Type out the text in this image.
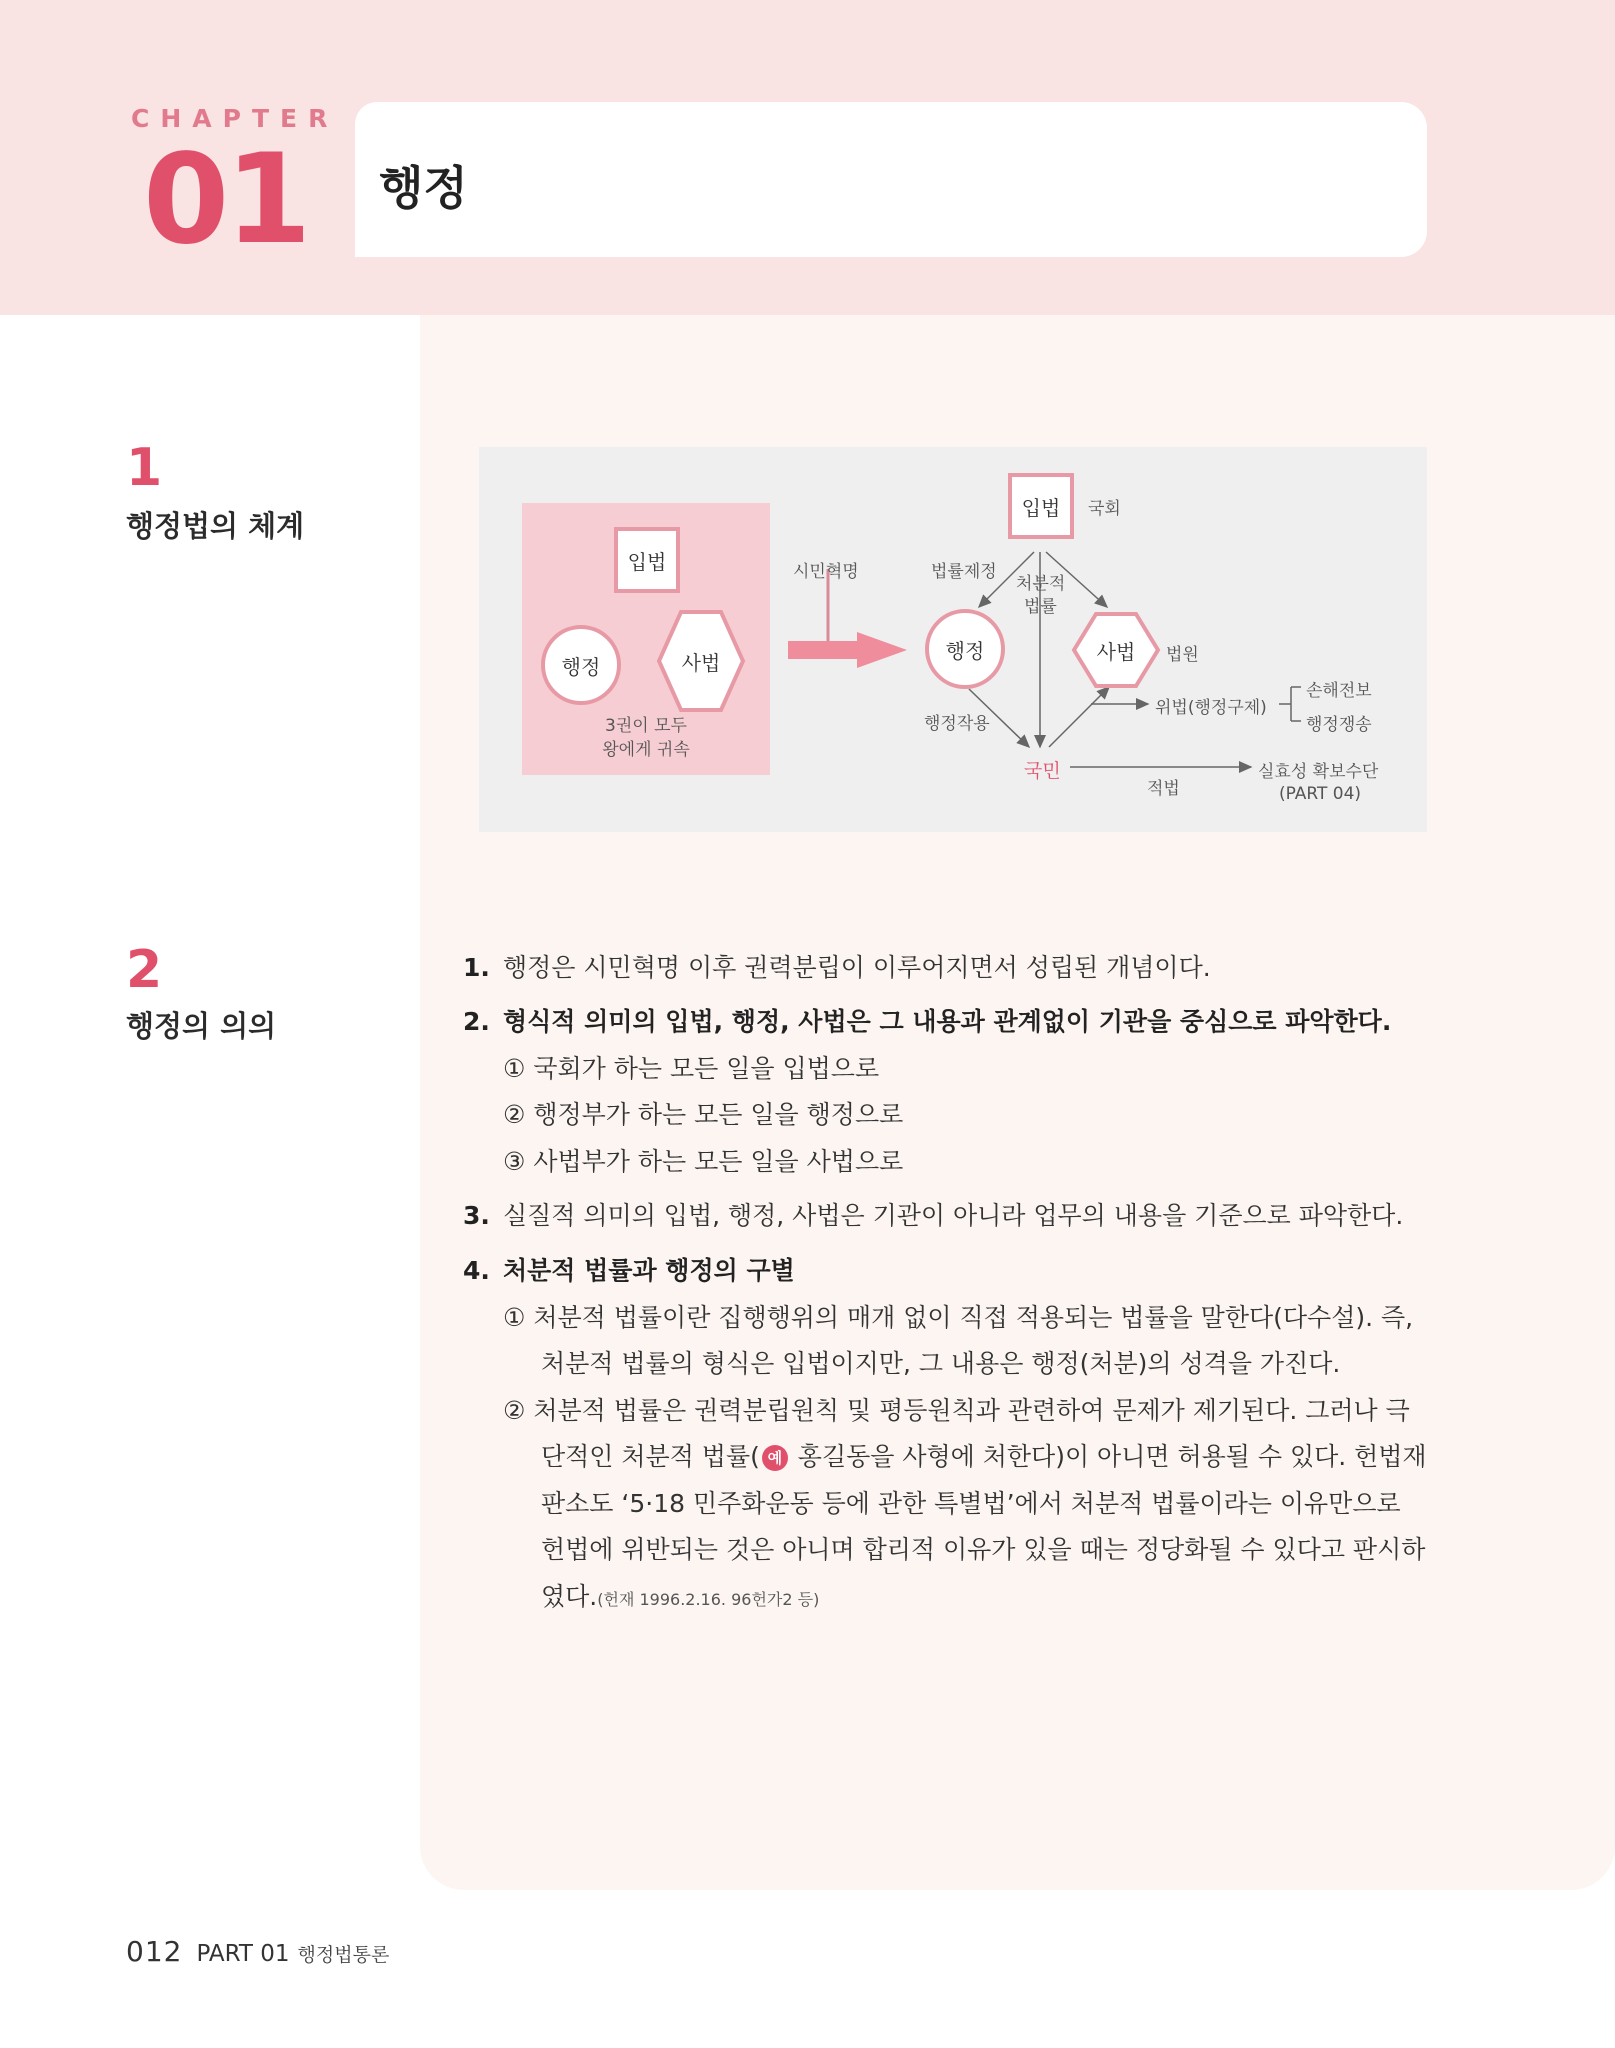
CHAPTER
01 행정
1
행정법의 체계
2
행정의 의의
입법
행정	사법
3권이 모두
왕에게 귀속
시민혁명
입법	국회
법률제정
처분적
법률
행정	사법	법원
행정작용
위법(행정구제)
손해전보
행정쟁송
국민
적법
실효성 확보수단
(PART 04)
1. 행정은 시민혁명 이후 권력분립이 이루어지면서 성립된 개념이다.
2. 형식적 의미의 입법, 행정, 사법은 그 내용과 관계없이 기관을 중심으로 파악한다.
① 국회가 하는 모든 일을 입법으로
② 행정부가 하는 모든 일을 행정으로
③ 사법부가 하는 모든 일을 사법으로
3. 실질적 의미의 입법, 행정, 사법은 기관이 아니라 업무의 내용을 기준으로 파악한다.
4. 처분적 법률과 행정의 구별
① 처분적 법률이란 집행행위의 매개 없이 직접 적용되는 법률을 말한다(다수설). 즉,
처분적 법률의 형식은 입법이지만, 그 내용은 행정(처분)의 성격을 가진다.
② 처분적 법률은 권력분립원칙 및 평등원칙과 관련하여 문제가 제기된다. 그러나 극
단적인 처분적 법률( 예 홍길동을 사형에 처한다)이 아니면 허용될 수 있다. 헌법재
판소도 ‘5·18 민주화운동 등에 관한 특별법’에서 처분적 법률이라는 이유만으로
헌법에 위반되는 것은 아니며 합리적 이유가 있을 때는 정당화될 수 있다고 판시하
였다.(헌재 1996.2.16. 96헌가2 등)
012 PART 01 행정법통론
